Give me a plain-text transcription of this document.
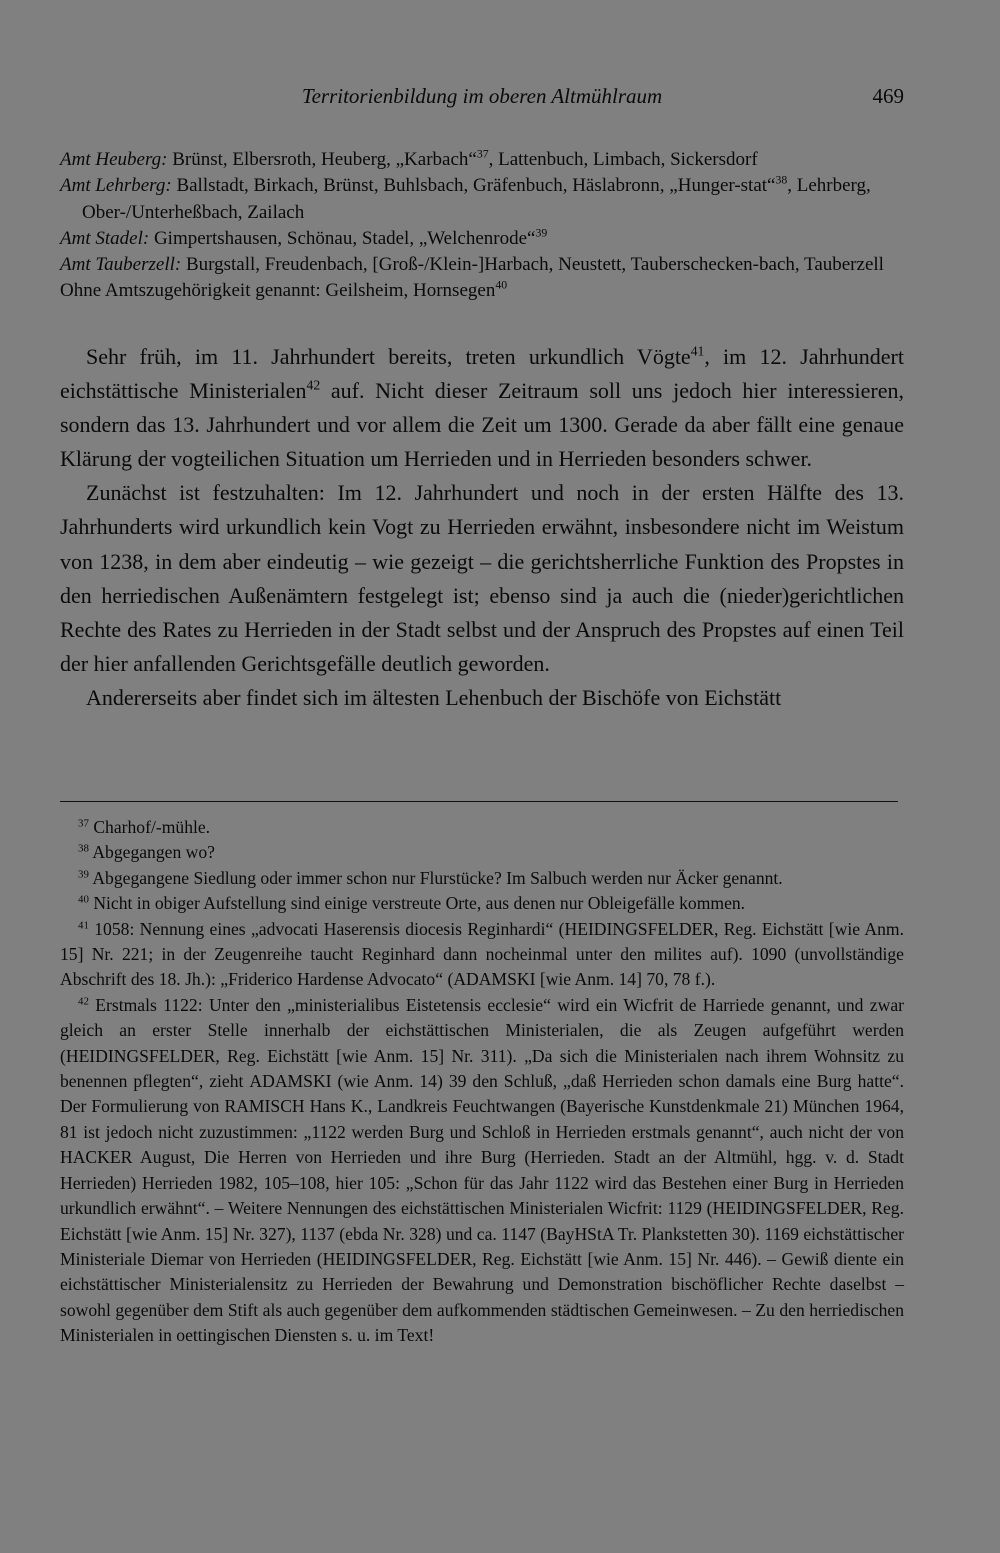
Territorienbildung im oberen Altmühlraum	469
Amt Heuberg: Brünst, Elbersroth, Heuberg, „Karbach“$^{37}$, Lattenbuch, Limbach, Sickersdorf
Amt Lehrberg: Ballstadt, Birkach, Brünst, Buhlsbach, Gräfenbuch, Häslabronn, „Hunger-stat“$^{38}$, Lehrberg, Ober-/Unterheßbach, Zailach
Amt Stadel: Gimpertshausen, Schönau, Stadel, „Welchenrode“$^{39}$
Amt Tauberzell: Burgstall, Freudenbach, [Groß-/Klein-]Harbach, Neustett, Tauberschecken-bach, Tauberzell
Ohne Amtszugehörigkeit genannt: Geilsheim, Hornsegen$^{40}$

Sehr früh, im 11. Jahrhundert bereits, treten urkundlich Vögte$^{41}$, im 12. Jahrhundert eichstättische Ministerialen$^{42}$ auf. Nicht dieser Zeitraum soll uns jedoch hier interessieren, sondern das 13. Jahrhundert und vor allem die Zeit um 1300. Gerade da aber fällt eine genaue Klärung der vogteilichen Situation um Herrieden und in Herrieden besonders schwer.

Zunächst ist festzuhalten: Im 12. Jahrhundert und noch in der ersten Hälfte des 13. Jahrhunderts wird urkundlich kein Vogt zu Herrieden erwähnt, insbesondere nicht im Weistum von 1238, in dem aber eindeutig – wie gezeigt – die gerichtsherrliche Funktion des Propstes in den herriedischen Außenämtern festgelegt ist; ebenso sind ja auch die (nieder)gerichtlichen Rechte des Rates zu Herrieden in der Stadt selbst und der Anspruch des Propstes auf einen Teil der hier anfallenden Gerichtsgefälle deutlich geworden.

Andererseits aber findet sich im ältesten Lehenbuch der Bischöfe von Eichstätt

$^{37}$ Charhof/-mühle.

$^{38}$ Abgegangen wo?

$^{39}$ Abgegangene Siedlung oder immer schon nur Flurstücke? Im Salbuch werden nur Äcker genannt.

$^{40}$ Nicht in obiger Aufstellung sind einige verstreute Orte, aus denen nur Obleigefälle kommen.

$^{41}$ 1058: Nennung eines „advocati Haserensis diocesis Reginhardi“ (HEIDINGSFELDER, Reg. Eichstätt [wie Anm. 15] Nr. 221; in der Zeugenreihe taucht Reginhard dann nocheinmal unter den milites auf). 1090 (unvollständige Abschrift des 18. Jh.): „Friderico Hardense Advocato“ (ADAMSKI [wie Anm. 14] 70, 78 f.).

$^{42}$ Erstmals 1122: Unter den „ministerialibus Eistetensis ecclesie“ wird ein Wicfrit de Harriede genannt, und zwar gleich an erster Stelle innerhalb der eichstättischen Ministerialen, die als Zeugen aufgeführt werden (HEIDINGSFELDER, Reg. Eichstätt [wie Anm. 15] Nr. 311). „Da sich die Ministerialen nach ihrem Wohnsitz zu benennen pflegten“, zieht ADAMSKI (wie Anm. 14) 39 den Schluß, „daß Herrieden schon damals eine Burg hatte“. Der Formulierung von RAMISCH Hans K., Landkreis Feuchtwangen (Bayerische Kunstdenkmale 21) München 1964, 81 ist jedoch nicht zuzustimmen: „1122 werden Burg und Schloß in Herrieden erstmals genannt“, auch nicht der von HACKER August, Die Herren von Herrieden und ihre Burg (Herrieden. Stadt an der Altmühl, hgg. v. d. Stadt Herrieden) Herrieden 1982, 105–108, hier 105: „Schon für das Jahr 1122 wird das Bestehen einer Burg in Herrieden urkundlich erwähnt“. – Weitere Nennungen des eichstättischen Ministerialen Wicfrit: 1129 (HEIDINGSFELDER, Reg. Eichstätt [wie Anm. 15] Nr. 327), 1137 (ebda Nr. 328) und ca. 1147 (BayHStA Tr. Plankstetten 30). 1169 eichstättischer Ministeriale Diemar von Herrieden (HEIDINGSFELDER, Reg. Eichstätt [wie Anm. 15] Nr. 446). – Gewiß diente ein eichstättischer Ministerialensitz zu Herrieden der Bewahrung und Demonstration bischöflicher Rechte daselbst – sowohl gegenüber dem Stift als auch gegenüber dem aufkommenden städtischen Gemeinwesen. – Zu den herriedischen Ministerialen in oettingischen Diensten s. u. im Text!
